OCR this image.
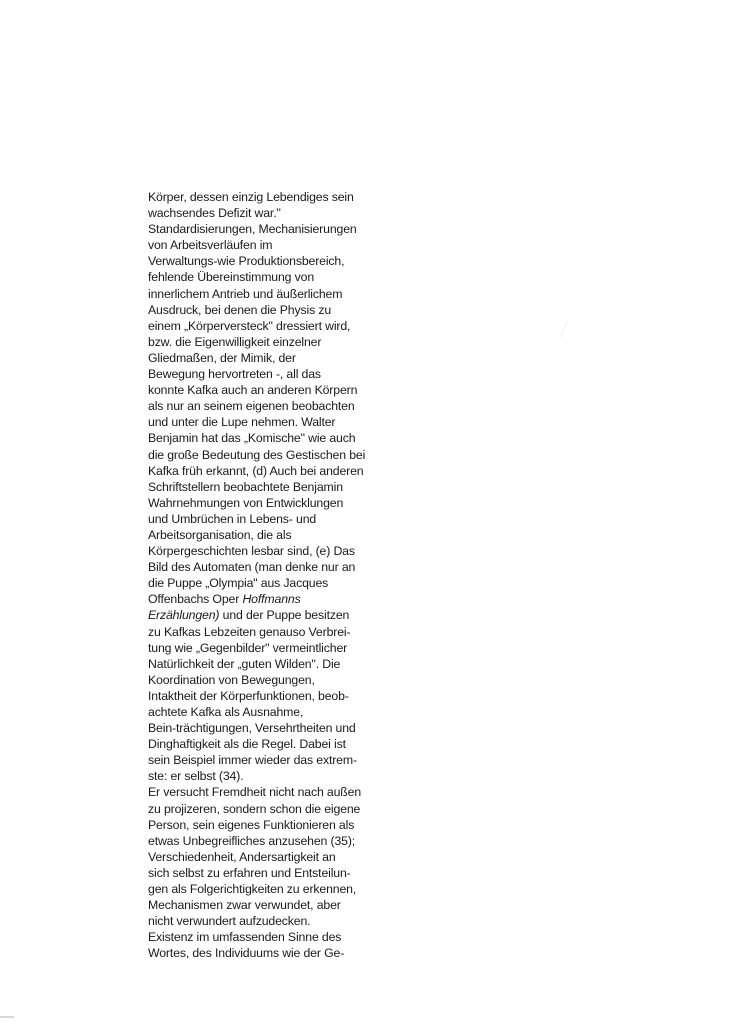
Körper, dessen einzig Lebendiges sein
wachsendes Defizit war."
Standardisierungen, Mechanisierungen
von Arbeitsverläufen im
Verwaltungs-wie Produktionsbereich,
fehlende Übereinstimmung von
innerlichem Antrieb und äußerlichem
Ausdruck, bei denen die Physis zu
einem „Körperversteck" dressiert wird,
bzw. die Eigenwilligkeit einzelner
Gliedmaßen, der Mimik, der
Bewegung hervortreten -, all das
konnte Kafka auch an anderen Körpern
als nur an seinem eigenen beobachten
und unter die Lupe nehmen. Walter
Benjamin hat das „Komische" wie auch
die große Bedeutung des Gestischen bei
Kafka früh erkannt, (d) Auch bei anderen
Schriftstellern beobachtete Benjamin
Wahrnehmungen von Entwicklungen
und Umbrüchen in Lebens- und
Arbeitsorganisation, die als
Körpergeschichten lesbar sind, (e) Das
Bild des Automaten (man denke nur an
die Puppe „Olympia" aus Jacques
Offenbachs Oper Hoffmanns
Erzählungen) und der Puppe besitzen
zu Kafkas Lebzeiten genauso Verbrei-
tung wie „Gegenbilder" vermeintlicher
Natürlichkeit der „guten Wilden". Die
Koordination von Bewegungen,
Intaktheit der Körperfunktionen, beob-
achtete Kafka als Ausnahme,
Bein-trächtigungen, Versehrtheiten und
Dinghaftigkeit als die Regel. Dabei ist
sein Beispiel immer wieder das extrem-
ste: er selbst (34).
Er versucht Fremdheit nicht nach außen
zu projizeren, sondern schon die eigene
Person, sein eigenes Funktionieren als
etwas Unbegreifliches anzusehen (35);
Verschiedenheit, Andersartigkeit an
sich selbst zu erfahren und Entsteilun-
gen als Folgerichtigkeiten zu erkennen,
Mechanismen zwar verwundet, aber
nicht verwundert aufzudecken.
Existenz im umfassenden Sinne des
Wortes, des Individuums wie der Ge-
